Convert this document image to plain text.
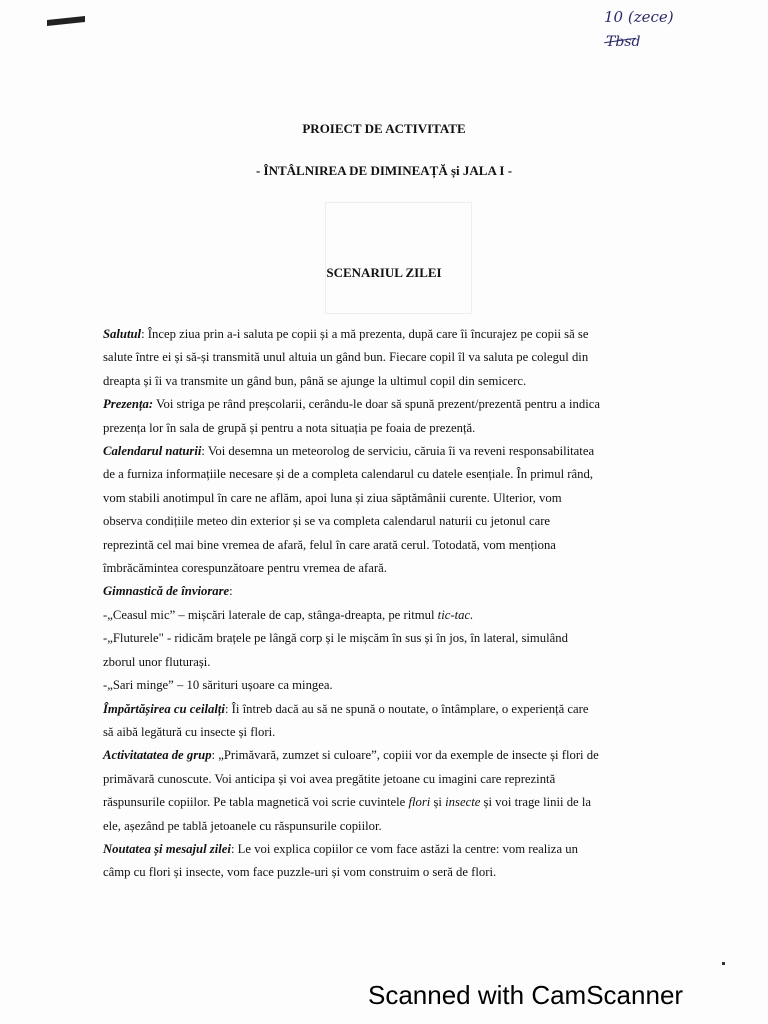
10 (zece)
Tbsd
PROIECT DE ACTIVITATE
- ÎNTÂLNIREA DE DIMINEAȚĂ și JALA I -
SCENARIUL ZILEI

Salutul: Încep ziua prin a-i saluta pe copii și a mă prezenta, după care îi încurajez pe copii să se

salute între ei și să-și transmită unul altuia un gând bun. Fiecare copil îl va saluta pe colegul din

dreapta și îi va transmite un gând bun, până se ajunge la ultimul copil din semicerc.

Prezența: Voi striga pe rând preșcolarii, cerându-le doar să spună prezent/prezentă pentru a indica

prezența lor în sala de grupă și pentru a nota situația pe foaia de prezență.

Calendarul naturii: Voi desemna un meteorolog de serviciu, căruia îi va reveni responsabilitatea

de a furniza informațiile necesare și de a completa calendarul cu datele esențiale. În primul rând,

vom stabili anotimpul în care ne aflăm, apoi luna și ziua săptămânii curente. Ulterior, vom

observa condițiile meteo din exterior și se va completa calendarul naturii cu jetonul care

reprezintă cel mai bine vremea de afară, felul în care arată cerul. Totodată, vom menționa

îmbrăcămintea corespunzătoare pentru vremea de afară.

Gimnastică de înviorare:

-„Ceasul mic” – mișcări laterale de cap, stânga-dreapta, pe ritmul tic-tac.

-„Fluturele" - ridicăm brațele pe lângă corp și le mișcăm în sus și în jos, în lateral, simulând

zborul unor fluturași.

-„Sari minge” – 10 sărituri ușoare ca mingea.

Împărtășirea cu ceilalți: Îi întreb dacă au să ne spună o noutate, o întâmplare, o experiență care

să aibă legătură cu insecte și flori.

Activitatatea de grup: „Primăvară, zumzet si culoare”, copiii vor da exemple de insecte și flori de

primăvară cunoscute. Voi anticipa și voi avea pregătite jetoane cu imagini care reprezintă

răspunsurile copiilor. Pe tabla magnetică voi scrie cuvintele flori și insecte și voi trage linii de la

ele, așezând pe tablă jetoanele cu răspunsurile copiilor.

Noutatea și mesajul zilei: Le voi explica copiilor ce vom face astăzi la centre: vom realiza un

câmp cu flori și insecte, vom face puzzle-uri și vom construim o seră de flori.

Scanned with CamScanner
